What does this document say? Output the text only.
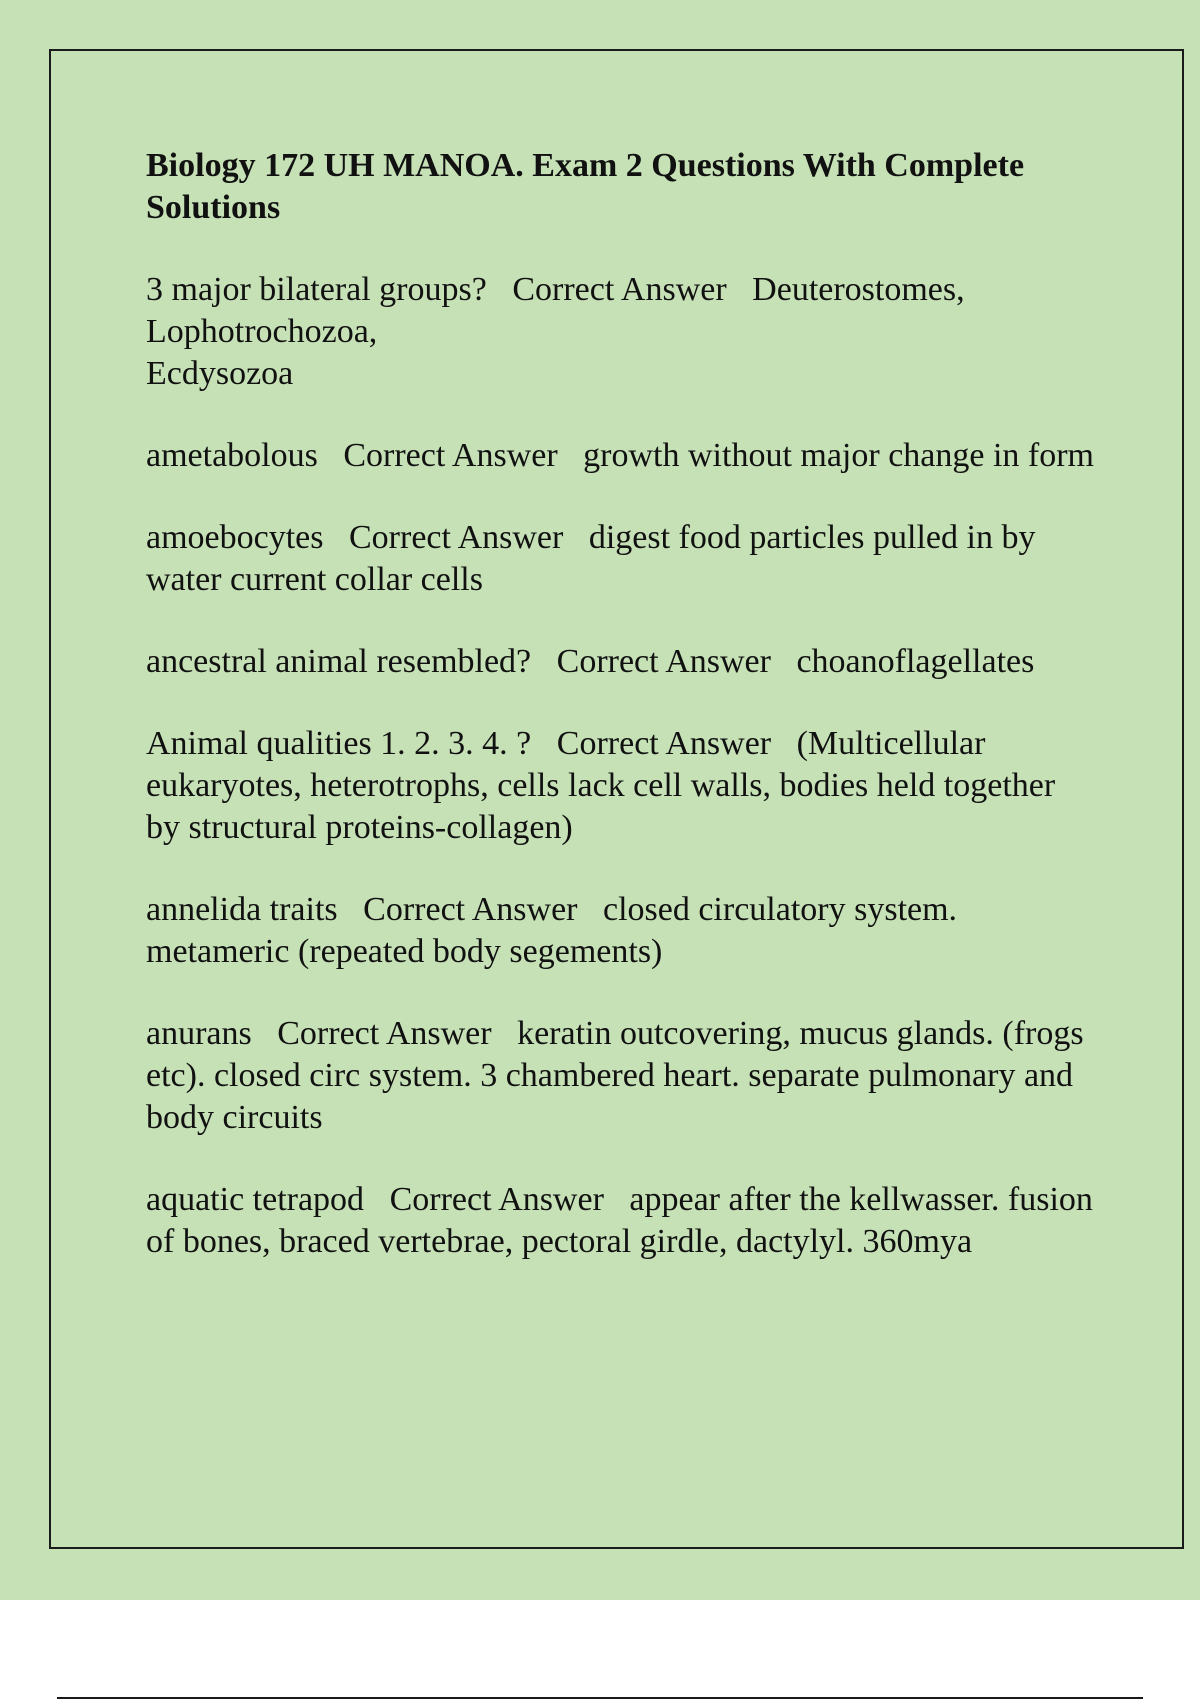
Biology 172 UH MANOA. Exam 2 Questions With Complete Solutions
3 major bilateral groups? Correct Answer Deuterostomes,
Lophotrochozoa,
Ecdysozoa
ametabolous Correct Answer growth without major change in form
amoebocytes Correct Answer digest food particles pulled in by water current collar cells
ancestral animal resembled? Correct Answer choanoflagellates
Animal qualities 1. 2. 3. 4. ? Correct Answer (Multicellular eukaryotes, heterotrophs, cells lack cell walls, bodies held together by structural proteins-collagen)
annelida traits Correct Answer closed circulatory system. metameric (repeated body segements)
anurans Correct Answer keratin outcovering, mucus glands. (frogs etc). closed circ system. 3 chambered heart. separate pulmonary and body circuits
aquatic tetrapod Correct Answer appear after the kellwasser. fusion of bones, braced vertebrae, pectoral girdle, dactylyl. 360mya
